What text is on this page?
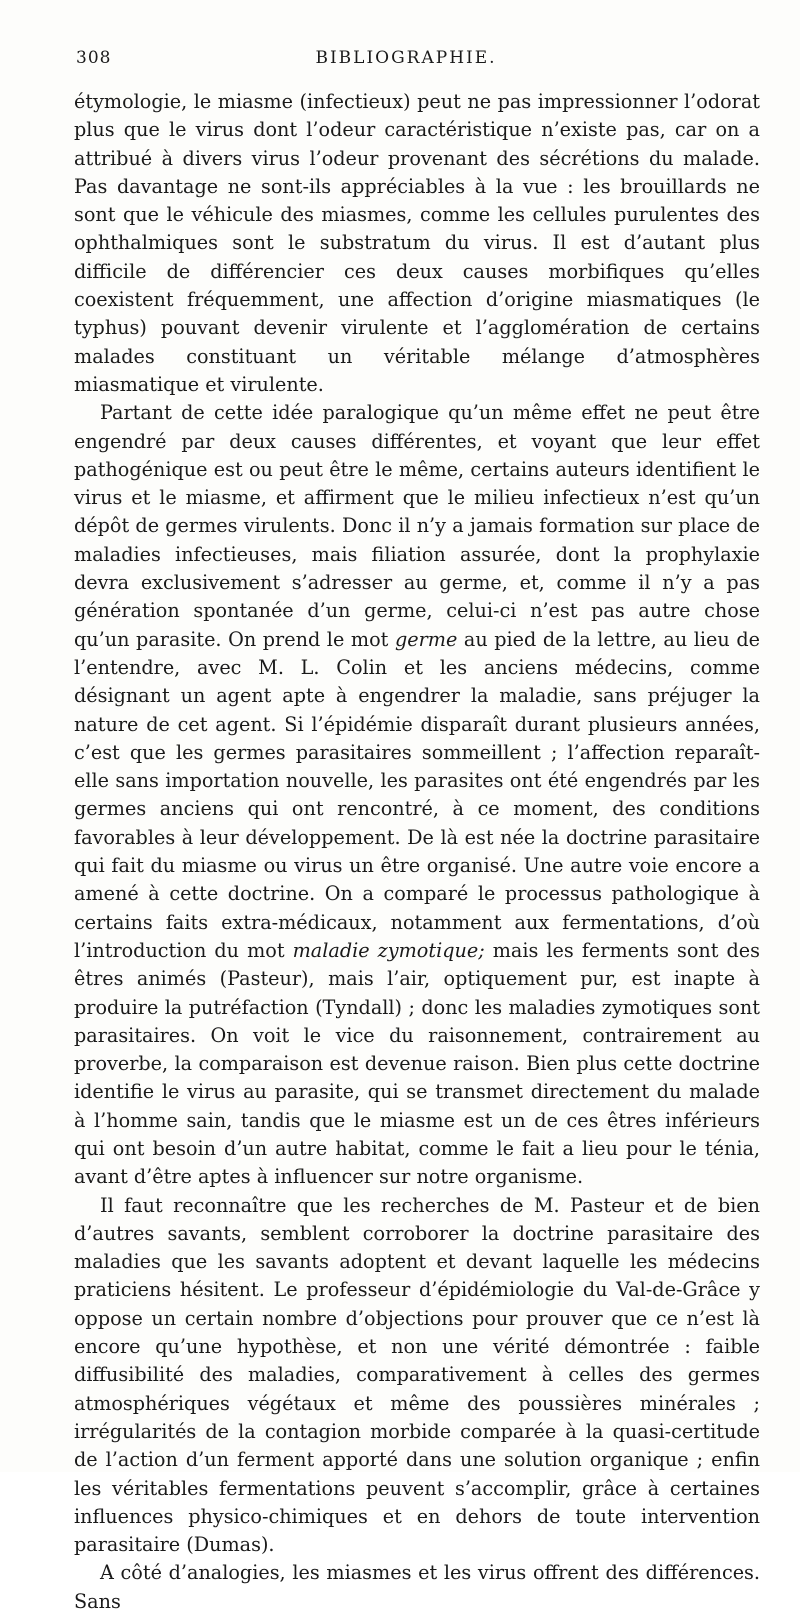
308	BIBLIOGRAPHIE.

étymologie, le miasme (infectieux) peut ne pas impressionner l’odorat plus que le virus dont l’odeur caractéristique n’existe pas, car on a attribué à divers virus l’odeur provenant des sécrétions du malade. Pas davantage ne sont-ils appréciables à la vue : les brouillards ne sont que le véhicule des miasmes, comme les cellules purulentes des ophthalmiques sont le substratum du virus. Il est d’autant plus difficile de différencier ces deux causes morbifiques qu’elles coexistent fréquemment, une affection d’origine miasmatiques (le typhus) pouvant devenir virulente et l’agglomération de certains malades constituant un véritable mélange d’atmosphères miasmatique et virulente.

Partant de cette idée paralogique qu’un même effet ne peut être engendré par deux causes différentes, et voyant que leur effet pathogénique est ou peut être le même, certains auteurs identifient le virus et le miasme, et affirment que le milieu infectieux n’est qu’un dépôt de germes virulents. Donc il n’y a jamais formation sur place de maladies infectieuses, mais filiation assurée, dont la prophylaxie devra exclusivement s’adresser au germe, et, comme il n’y a pas génération spontanée d’un germe, celui-ci n’est pas autre chose qu’un parasite. On prend le mot germe au pied de la lettre, au lieu de l’entendre, avec M. L. Colin et les anciens médecins, comme désignant un agent apte à engendrer la maladie, sans préjuger la nature de cet agent. Si l’épidémie disparaît durant plusieurs années, c’est que les germes parasitaires sommeillent ; l’affection reparaît-elle sans importation nouvelle, les parasites ont été engendrés par les germes anciens qui ont rencontré, à ce moment, des conditions favorables à leur développement. De là est née la doctrine parasitaire qui fait du miasme ou virus un être organisé. Une autre voie encore a amené à cette doctrine. On a comparé le processus pathologique à certains faits extra-médicaux, notamment aux fermentations, d’où l’introduction du mot maladie zymotique; mais les ferments sont des êtres animés (Pasteur), mais l’air, optiquement pur, est inapte à produire la putréfaction (Tyndall) ; donc les maladies zymotiques sont parasitaires. On voit le vice du raisonnement, contrairement au proverbe, la comparaison est devenue raison. Bien plus cette doctrine identifie le virus au parasite, qui se transmet directement du malade à l’homme sain, tandis que le miasme est un de ces êtres inférieurs qui ont besoin d’un autre habitat, comme le fait a lieu pour le ténia, avant d’être aptes à influencer sur notre organisme.

Il faut reconnaître que les recherches de M. Pasteur et de bien d’autres savants, semblent corroborer la doctrine parasitaire des maladies que les savants adoptent et devant laquelle les médecins praticiens hésitent. Le professeur d’épidémiologie du Val-de-Grâce y oppose un certain nombre d’objections pour prouver que ce n’est là encore qu’une hypothèse, et non une vérité démontrée : faible diffusibilité des maladies, comparativement à celles des germes atmosphériques végétaux et même des poussières minérales ; irrégularités de la contagion morbide comparée à la quasi-certitude de l’action d’un ferment apporté dans une solution organique ; enfin les véritables fermentations peuvent s’accomplir, grâce à certaines influences physico-chimiques et en dehors de toute intervention parasitaire (Dumas).

A côté d’analogies, les miasmes et les virus offrent des différences. Sans
